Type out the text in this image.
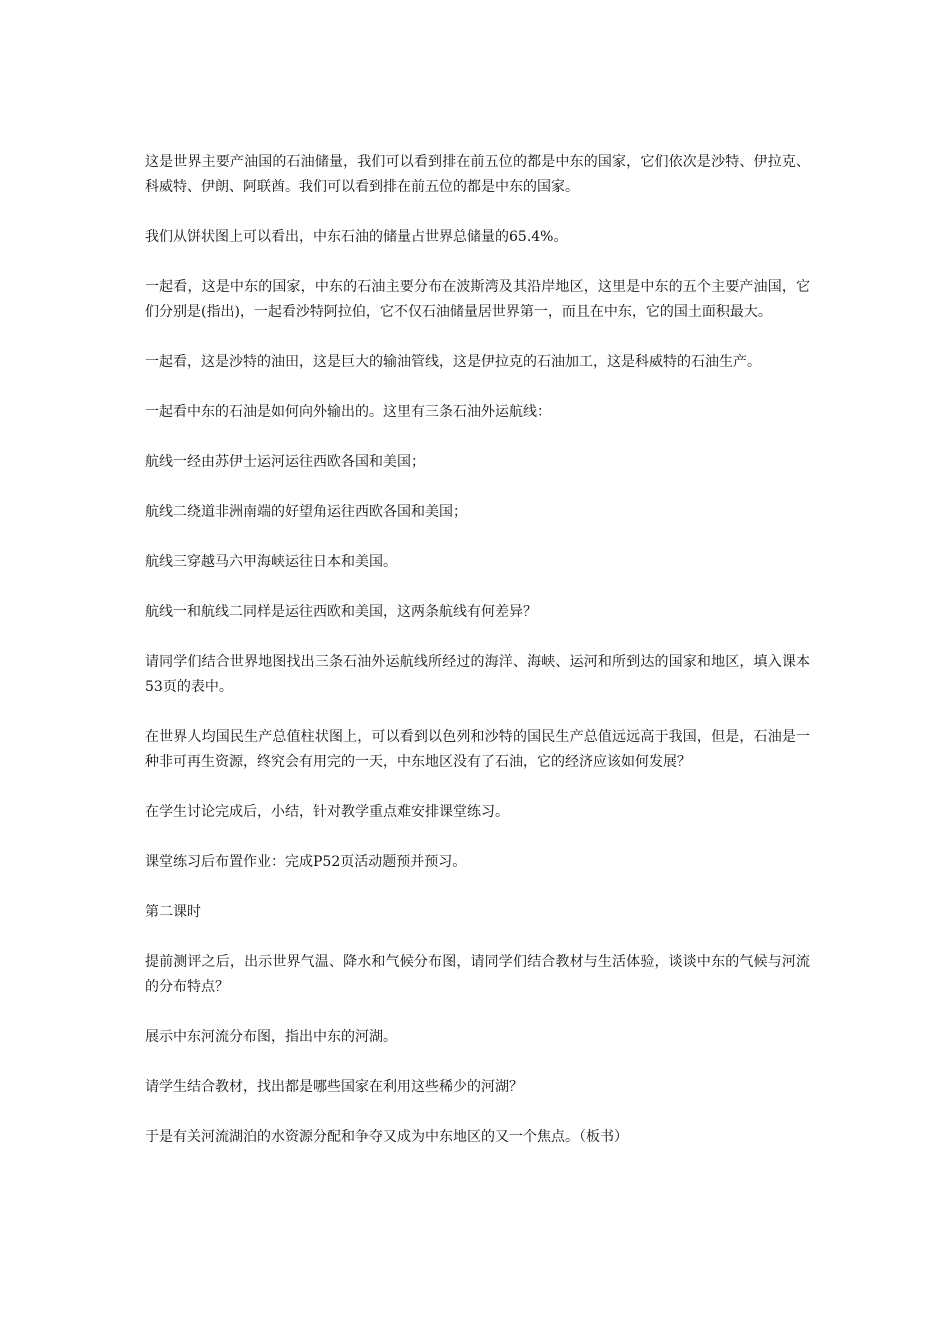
这是世界主要产油国的石油储量，我们可以看到排在前五位的都是中东的国家，它们依次是沙特、伊拉克、科威特、伊朗、阿联酋。我们可以看到排在前五位的都是中东的国家。

我们从饼状图上可以看出，中东石油的储量占世界总储量的65.4%。

一起看，这是中东的国家，中东的石油主要分布在波斯湾及其沿岸地区，这里是中东的五个主要产油国，它们分别是(指出)，一起看沙特阿拉伯，它不仅石油储量居世界第一，而且在中东，它的国土面积最大。

一起看，这是沙特的油田，这是巨大的输油管线，这是伊拉克的石油加工，这是科威特的石油生产。

一起看中东的石油是如何向外输出的。这里有三条石油外运航线：

航线一经由苏伊士运河运往西欧各国和美国；

航线二绕道非洲南端的好望角运往西欧各国和美国；

航线三穿越马六甲海峡运往日本和美国。

航线一和航线二同样是运往西欧和美国，这两条航线有何差异？

请同学们结合世界地图找出三条石油外运航线所经过的海洋、海峡、运河和所到达的国家和地区，填入课本53页的表中。

在世界人均国民生产总值柱状图上，可以看到以色列和沙特的国民生产总值远远高于我国，但是，石油是一种非可再生资源，终究会有用完的一天，中东地区没有了石油，它的经济应该如何发展？

在学生讨论完成后，小结，针对教学重点难安排课堂练习。

课堂练习后布置作业：完成P52页活动题预并预习。

第二课时

提前测评之后，出示世界气温、降水和气候分布图，请同学们结合教材与生活体验，谈谈中东的气候与河流的分布特点？

展示中东河流分布图，指出中东的河湖。

请学生结合教材，找出都是哪些国家在利用这些稀少的河湖？

于是有关河流湖泊的水资源分配和争夺又成为中东地区的又一个焦点。（板书）
